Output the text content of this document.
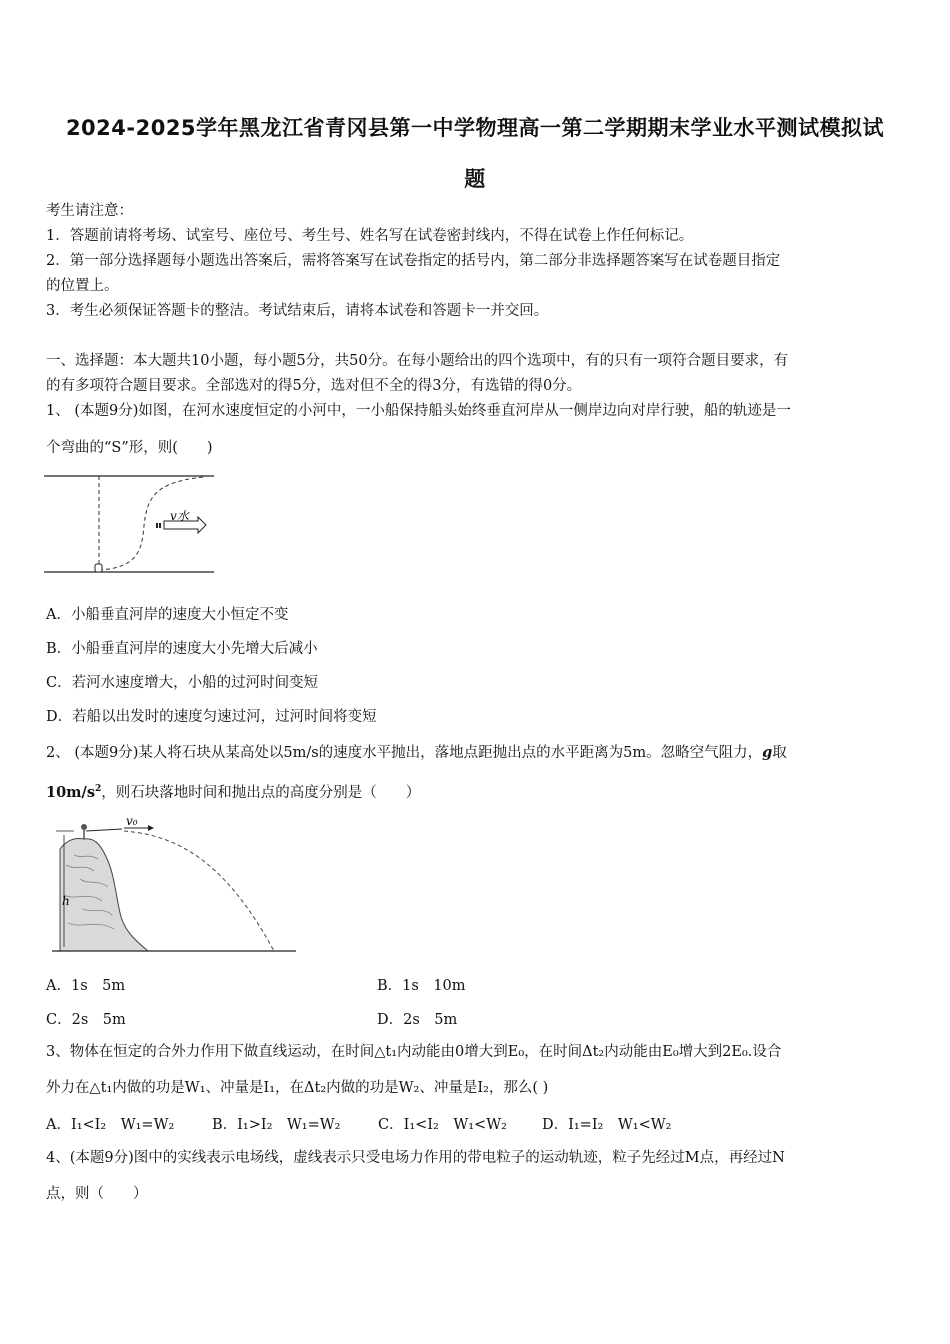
2024-2025学年黑龙江省青冈县第一中学物理高一第二学期期末学业水平测试模拟试
题
考生请注意：
1．答题前请将考场、试室号、座位号、考生号、姓名写在试卷密封线内，不得在试卷上作任何标记。
2．第一部分选择题每小题选出答案后，需将答案写在试卷指定的括号内，第二部分非选择题答案写在试卷题目指定
的位置上。
3．考生必须保证答题卡的整洁。考试结束后，请将本试卷和答题卡一并交回。
一、选择题：本大题共10小题，每小题5分，共50分。在每小题给出的四个选项中，有的只有一项符合题目要求，有
的有多项符合题目要求。全部选对的得5分，选对但不全的得3分，有选错的得0分。
1、 (本题9分)如图，在河水速度恒定的小河中，一小船保持船头始终垂直河岸从一侧岸边向对岸行驶，船的轨迹是一
个弯曲的“S”形，则(　　)
v水
A．小船垂直河岸的速度大小恒定不变
B．小船垂直河岸的速度大小先增大后减小
C．若河水速度增大，小船的过河时间变短
D．若船以出发时的速度匀速过河，过河时间将变短
2、 (本题9分)某人将石块从某高处以5m/s的速度水平抛出，落地点距抛出点的水平距离为5m。忽略空气阻力，g取
$10m/s^2$，则石块落地时间和抛出点的高度分别是（　　）
h
v₀
A．1s　5m	B．1s　10m
C．2s　5m	D．2s　5m
3、物体在恒定的合外力作用下做直线运动，在时间△t₁内动能由0增大到E₀，在时间Δt₂内动能由E₀增大到2E₀.设合
外力在△t₁内做的功是W₁、冲量是I₁，在Δt₂内做的功是W₂、冲量是I₂，那么( )
A．I₁<I₂　W₁=W₂	B．I₁>I₂　W₁=W₂	C．I₁<I₂　W₁<W₂ D．I₁=I₂　W₁<W₂
4、(本题9分)图中的实线表示电场线，虚线表示只受电场力作用的带电粒子的运动轨迹，粒子先经过M点，再经过N
点，则（　　）
